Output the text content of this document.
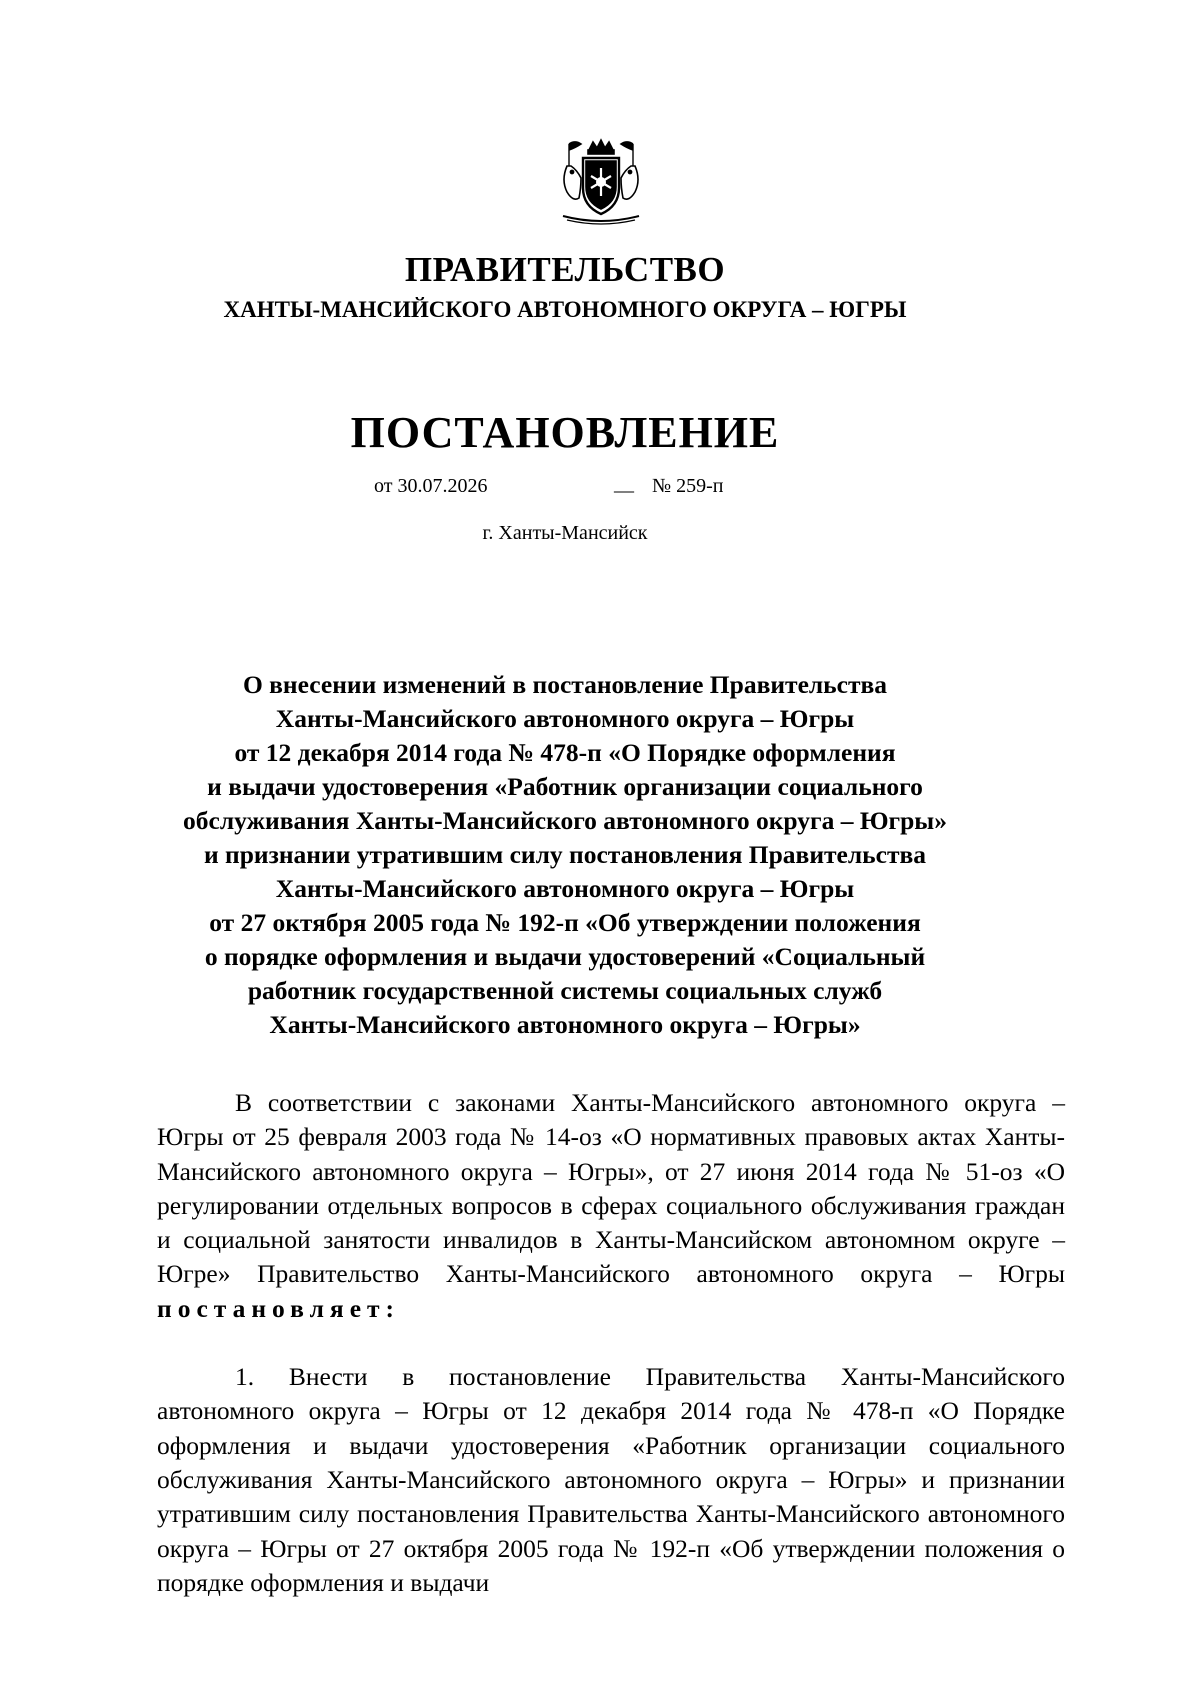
ПРАВИТЕЛЬСТВО
ХАНТЫ-МАНСИЙСКОГО АВТОНОМНОГО ОКРУГА – ЮГРЫ
ПОСТАНОВЛЕНИЕ
от 30.07.2026	__ № 259-п
г. Ханты-Мансийск
О внесении изменений в постановление Правительства
Ханты-Мансийского автономного округа – Югры
от 12 декабря 2014 года № 478-п «О Порядке оформления
и выдачи удостоверения «Работник организации социального
обслуживания Ханты-Мансийского автономного округа – Югры»
и признании утратившим силу постановления Правительства
Ханты-Мансийского автономного округа – Югры
от 27 октября 2005 года № 192-п «Об утверждении положения
о порядке оформления и выдачи удостоверений «Социальный
работник государственной системы социальных служб
Ханты-Мансийского автономного округа – Югры»

В соответствии с законами Ханты-Мансийского автономного округа – Югры от 25 февраля 2003 года № 14-оз «О нормативных правовых актах Ханты-Мансийского автономного округа – Югры», от 27 июня 2014 года № 51-оз «О регулировании отдельных вопросов в сферах социального обслуживания граждан и социальной занятости инвалидов в Ханты-Мансийском автономном округе – Югре» Правительство Ханты-Мансийского автономного округа – Югры постановляет:

1. Внести в постановление Правительства Ханты-Мансийского автономного округа – Югры от 12 декабря 2014 года № 478-п «О Порядке оформления и выдачи удостоверения «Работник организации социального обслуживания Ханты-Мансийского автономного округа – Югры» и признании утратившим силу постановления Правительства Ханты-Мансийского автономного округа – Югры от 27 октября 2005 года № 192-п «Об утверждении положения о порядке оформления и выдачи
